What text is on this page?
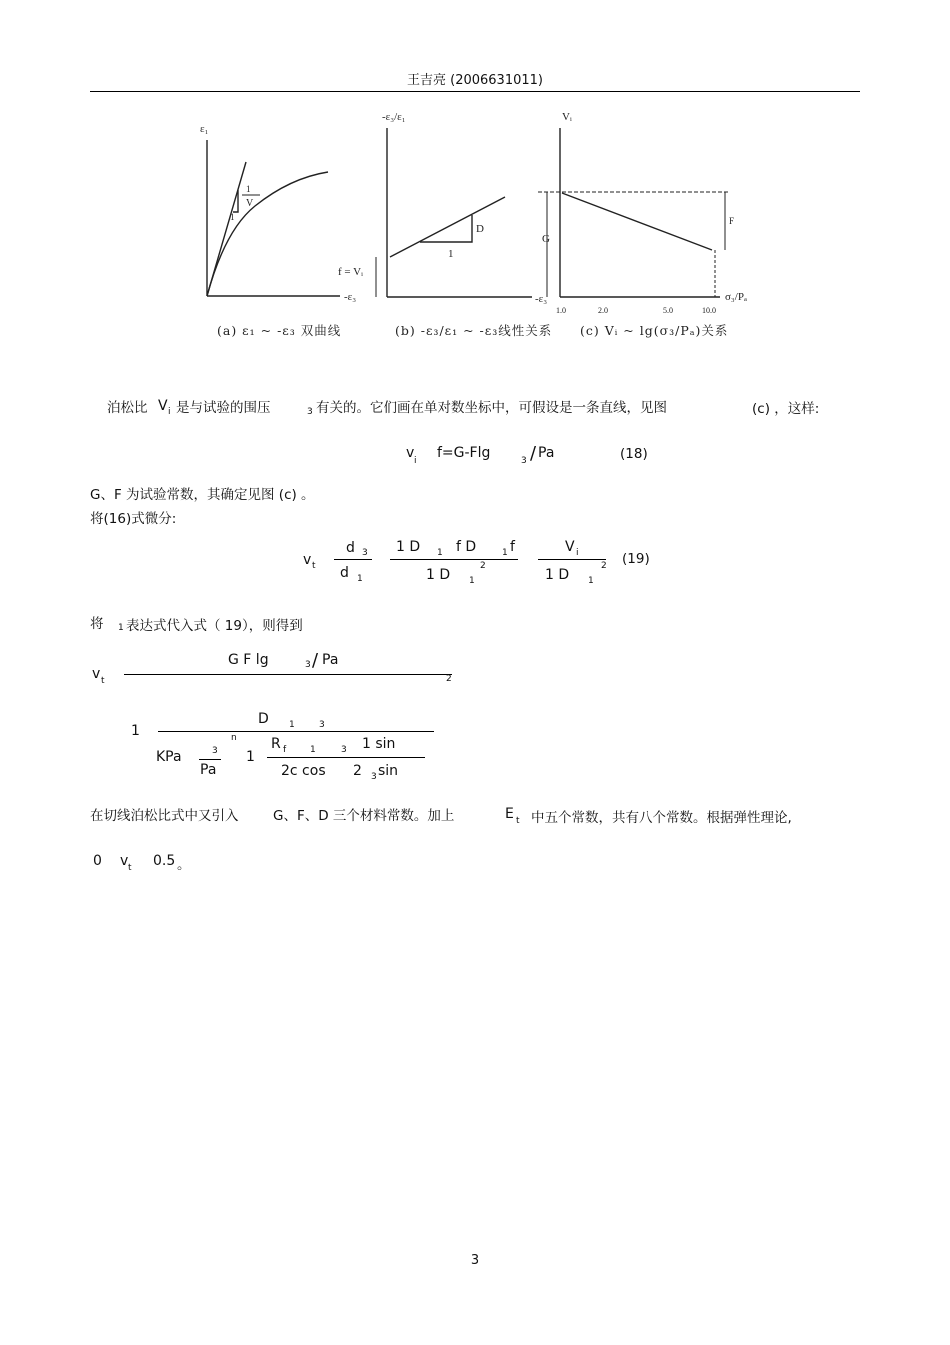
王吉亮 (2006631011)
ε₁
-ε₃
1
1
V
-ε₃/ε₁
-ε₃
D
1
f = Vᵢ
Vᵢ
σ₃/Pₐ
G
F
1.0	2.0	5.0	10.0
(a) ε₁ ~ -ε₃ 双曲线	(b) -ε₃/ε₁ ~ -ε₃线性关系 (c) Vᵢ ~ lg(σ₃/Pₐ)关系
泊松比 V i 是与试验的围压	3 有关的。它们画在单对数坐标中，可假设是一条直线，见图	(c) ，这样:
v i f=G-Flg	3 / Pa	(18)
G、F 为试验常数，其确定见图 (c) 。
将(16)式微分:
v t
d 3
d 1
1 D 1 f D	1 f
2
1 D 1
V i
2
1 D 1
(19)
将 1 表达式代入式（ 19），则得到
v t
G F lg	3 / Pa
2
1
D 1	3
KPa	3
Pa
n
1
R f	1	3 1 sin
2c cos 2 3 sin
在切线泊松比式中又引入	G、F、D 三个材料常数。加上	E t 中五个常数，共有八个常数。根据弹性理论,
0 v t 0.5 。
3
